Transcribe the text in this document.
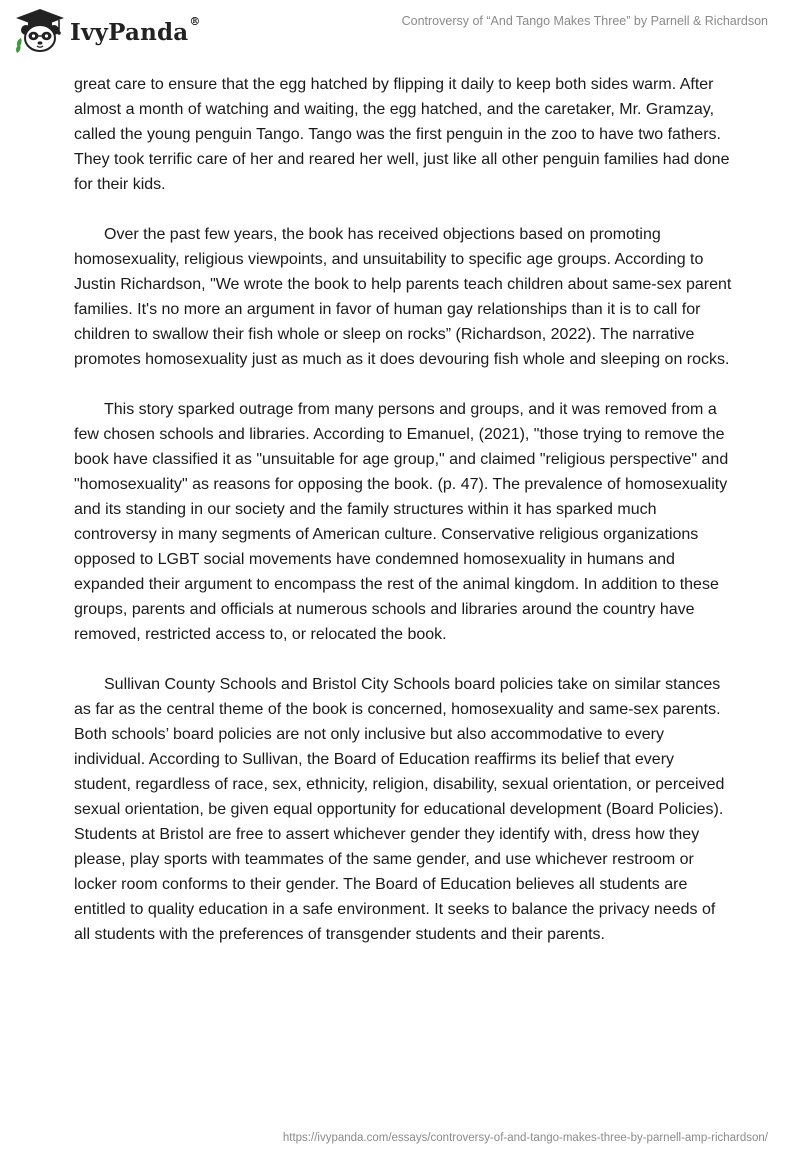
IvyPanda®	Controversy of “And Tango Makes Three” by Parnell & Richardson

great care to ensure that the egg hatched by flipping it daily to keep both sides warm. After almost a month of watching and waiting, the egg hatched, and the caretaker, Mr. Gramzay, called the young penguin Tango. Tango was the first penguin in the zoo to have two fathers. They took terrific care of her and reared her well, just like all other penguin families had done for their kids.

Over the past few years, the book has received objections based on promoting homosexuality, religious viewpoints, and unsuitability to specific age groups. According to Justin Richardson, "We wrote the book to help parents teach children about same-sex parent families. It's no more an argument in favor of human gay relationships than it is to call for children to swallow their fish whole or sleep on rocks” (Richardson, 2022). The narrative promotes homosexuality just as much as it does devouring fish whole and sleeping on rocks.

This story sparked outrage from many persons and groups, and it was removed from a few chosen schools and libraries. According to Emanuel, (2021), "those trying to remove the book have classified it as "unsuitable for age group," and claimed "religious perspective" and "homosexuality" as reasons for opposing the book. (p. 47). The prevalence of homosexuality and its standing in our society and the family structures within it has sparked much controversy in many segments of American culture. Conservative religious organizations opposed to LGBT social movements have condemned homosexuality in humans and expanded their argument to encompass the rest of the animal kingdom. In addition to these groups, parents and officials at numerous schools and libraries around the country have removed, restricted access to, or relocated the book.

Sullivan County Schools and Bristol City Schools board policies take on similar stances as far as the central theme of the book is concerned, homosexuality and same-sex parents. Both schools’ board policies are not only inclusive but also accommodative to every individual. According to Sullivan, the Board of Education reaffirms its belief that every student, regardless of race, sex, ethnicity, religion, disability, sexual orientation, or perceived sexual orientation, be given equal opportunity for educational development (Board Policies). Students at Bristol are free to assert whichever gender they identify with, dress how they please, play sports with teammates of the same gender, and use whichever restroom or locker room conforms to their gender. The Board of Education believes all students are entitled to quality education in a safe environment. It seeks to balance the privacy needs of all students with the preferences of transgender students and their parents.

https://ivypanda.com/essays/controversy-of-and-tango-makes-three-by-parnell-amp-richardson/
